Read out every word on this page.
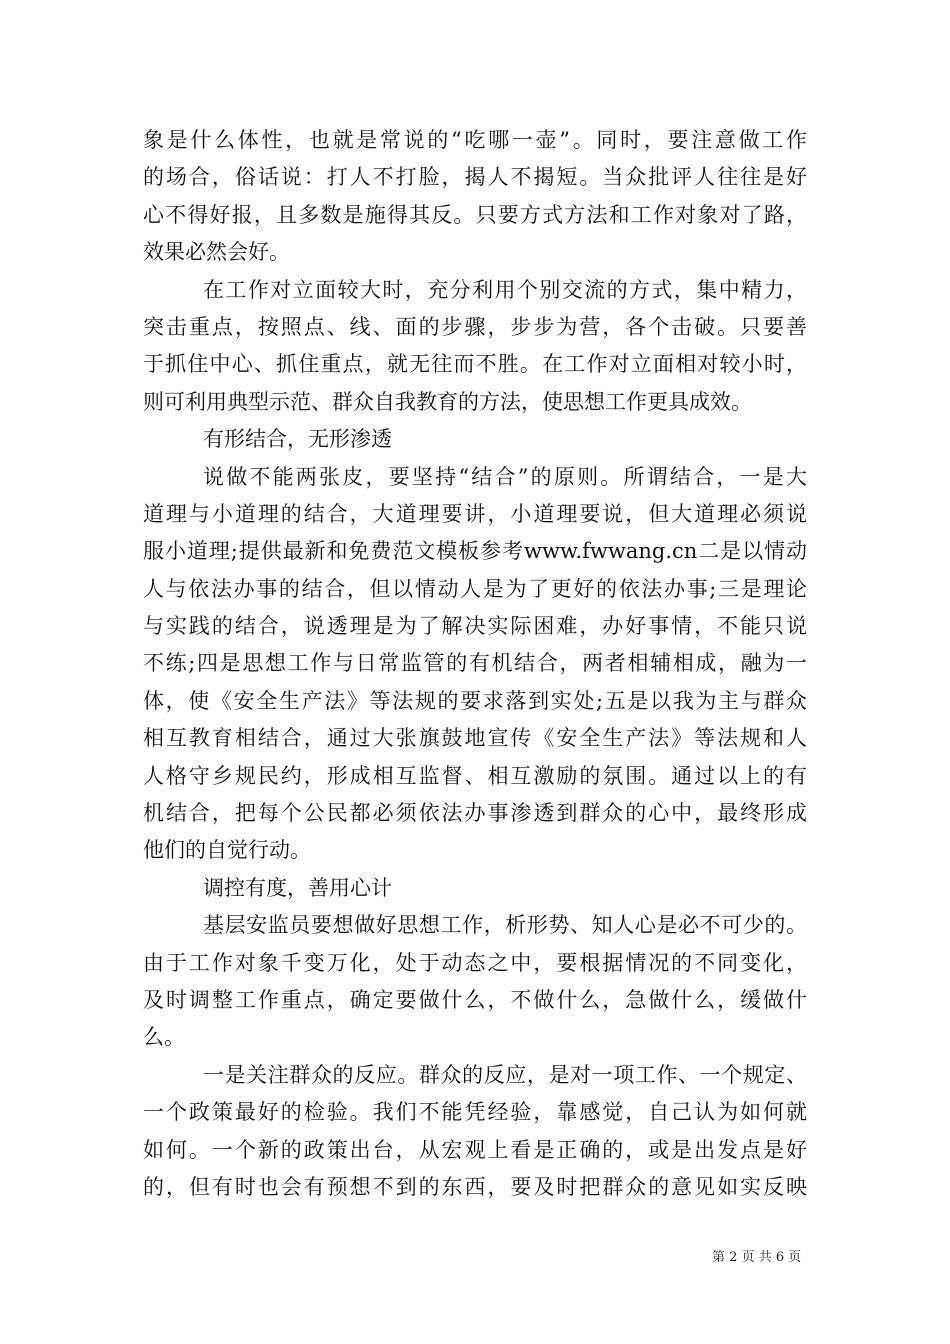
象是什么体性，也就是常说的“吃哪一壶”。同时，要注意做工作
的场合，俗话说：打人不打脸，揭人不揭短。当众批评人往往是好
心不得好报，且多数是施得其反。只要方式方法和工作对象对了路，
效果必然会好。
在工作对立面较大时，充分利用个别交流的方式，集中精力，
突击重点，按照点、线、面的步骤，步步为营，各个击破。只要善
于抓住中心、抓住重点，就无往而不胜。在工作对立面相对较小时，
则可利用典型示范、群众自我教育的方法，使思想工作更具成效。
有形结合，无形渗透
说做不能两张皮，要坚持“结合”的原则。所谓结合，一是大
道理与小道理的结合，大道理要讲，小道理要说，但大道理必须说
服小道理;提供最新和免费范文模板参考www.fwwang.cn二是以情动
人与依法办事的结合，但以情动人是为了更好的依法办事;三是理论
与实践的结合，说透理是为了解决实际困难，办好事情，不能只说
不练;四是思想工作与日常监管的有机结合，两者相辅相成，融为一
体，使《安全生产法》等法规的要求落到实处;五是以我为主与群众
相互教育相结合，通过大张旗鼓地宣传《安全生产法》等法规和人
人格守乡规民约，形成相互监督、相互激励的氛围。通过以上的有
机结合，把每个公民都必须依法办事渗透到群众的心中，最终形成
他们的自觉行动。
调控有度，善用心计
基层安监员要想做好思想工作，析形势、知人心是必不可少的。
由于工作对象千变万化，处于动态之中，要根据情况的不同变化，
及时调整工作重点，确定要做什么，不做什么，急做什么，缓做什
么。
一是关注群众的反应。群众的反应，是对一项工作、一个规定、
一个政策最好的检验。我们不能凭经验，靠感觉，自己认为如何就
如何。一个新的政策出台，从宏观上看是正确的，或是出发点是好
的，但有时也会有预想不到的东西，要及时把群众的意见如实反映
第 2 页 共 6 页
